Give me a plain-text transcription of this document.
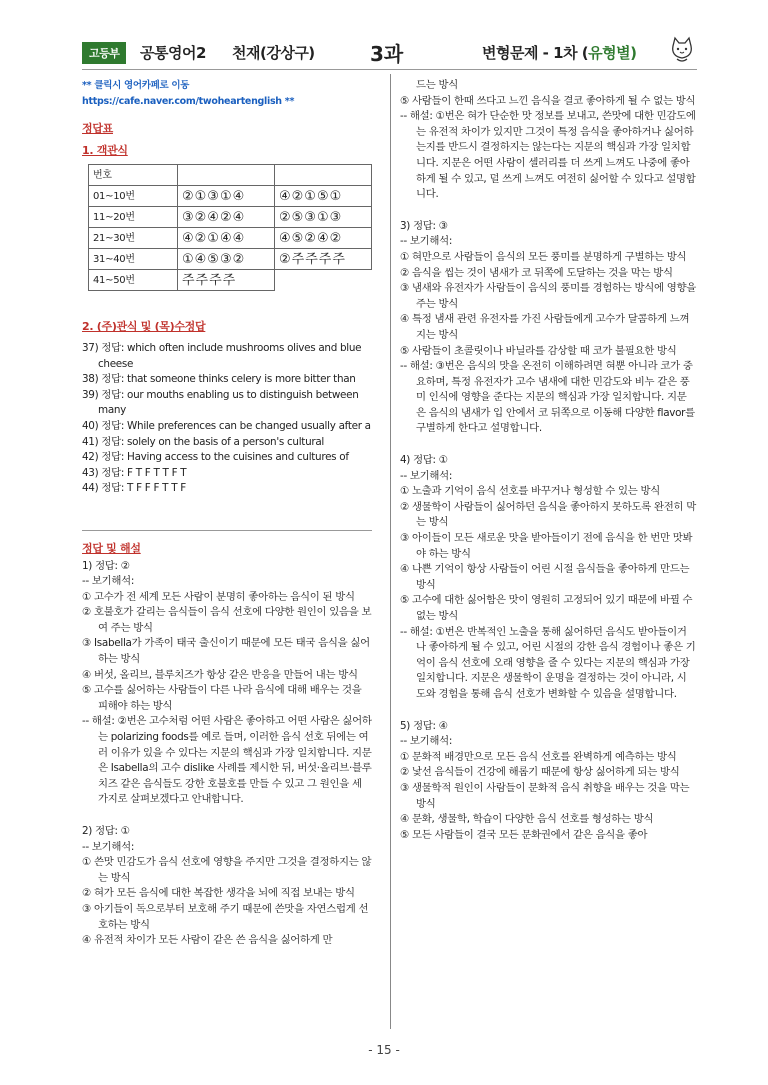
고등부	공통영어2 천재(강상구)	3과	변형문제 - 1차 (유형별)
** 클릭시 영어카페로 이동 https://cafe.naver.com/twoheartenglish **
정답표
1. 객관식
번호		
01~10번	②①③①④	④②①⑤①
11~20번	③②④②④	②⑤③①③
21~30번	④②①④④	④⑤②④②
31~40번	①④⑤③②	②주주주주
41~50번	주주주주	
2. (주)관식 및 (목)수정답
37) 정답: which often include mushrooms olives and blue cheese
38) 정답: that someone thinks celery is more bitter than
39) 정답: our mouths enabling us to distinguish between many
40) 정답: While preferences can be changed usually after a
41) 정답: solely on the basis of a person's cultural
42) 정답: Having access to the cuisines and cultures of
43) 정답: F T F T T F T
44) 정답: T F F F T T F
정답 및 해설
1) 정답: ②
-- 보기해석:
① 고수가 전 세계 모든 사람이 분명히 좋아하는 음식이 된 방식
② 호불호가 갈리는 음식들이 음식 선호에 다양한 원인이 있음을 보여 주는 방식
③ Isabella가 가족이 태국 출신이기 때문에 모든 태국 음식을 싫어하는 방식
④ 버섯, 올리브, 블루치즈가 항상 같은 반응을 만들어 내는 방식
⑤ 고수를 싫어하는 사람들이 다른 나라 음식에 대해 배우는 것을 피해야 하는 방식
-- 해설: ②번은 고수처럼 어떤 사람은 좋아하고 어떤 사람은 싫어하는 polarizing foods를 예로 들며, 이러한 음식 선호 뒤에는 여러 이유가 있을 수 있다는 지문의 핵심과 가장 일치합니다. 지문은 Isabella의 고수 dislike 사례를 제시한 뒤, 버섯·올리브·블루치즈 같은 음식들도 강한 호불호를 만들 수 있고 그 원인을 세 가지로 살펴보겠다고 안내합니다.
2) 정답: ①
-- 보기해석:
① 쓴맛 민감도가 음식 선호에 영향을 주지만 그것을 결정하지는 않는 방식
② 혀가 모든 음식에 대한 복잡한 생각을 뇌에 직접 보내는 방식
③ 아기들이 독으로부터 보호해 주기 때문에 쓴맛을 자연스럽게 선호하는 방식
④ 유전적 차이가 모든 사람이 같은 쓴 음식을 싫어하게 만
드는 방식
⑤ 사람들이 한때 쓰다고 느낀 음식을 결코 좋아하게 될 수 없는 방식
-- 해설: ①번은 혀가 단순한 맛 정보를 보내고, 쓴맛에 대한 민감도에는 유전적 차이가 있지만 그것이 특정 음식을 좋아하거나 싫어하는지를 반드시 결정하지는 않는다는 지문의 핵심과 가장 일치합니다. 지문은 어떤 사람이 셀러리를 더 쓰게 느껴도 나중에 좋아하게 될 수 있고, 덜 쓰게 느껴도 여전히 싫어할 수 있다고 설명합니다.
3) 정답: ③
-- 보기해석:
① 혀만으로 사람들이 음식의 모든 풍미를 분명하게 구별하는 방식
② 음식을 씹는 것이 냄새가 코 뒤쪽에 도달하는 것을 막는 방식
③ 냄새와 유전자가 사람들이 음식의 풍미를 경험하는 방식에 영향을 주는 방식
④ 특정 냄새 관련 유전자를 가진 사람들에게 고수가 달콤하게 느껴지는 방식
⑤ 사람들이 초콜릿이나 바닐라를 감상할 때 코가 불필요한 방식
-- 해설: ③번은 음식의 맛을 온전히 이해하려면 혀뿐 아니라 코가 중요하며, 특정 유전자가 고수 냄새에 대한 민감도와 비누 같은 풍미 인식에 영향을 준다는 지문의 핵심과 가장 일치합니다. 지문은 음식의 냄새가 입 안에서 코 뒤쪽으로 이동해 다양한 flavor를 구별하게 한다고 설명합니다.
4) 정답: ①
-- 보기해석:
① 노출과 기억이 음식 선호를 바꾸거나 형성할 수 있는 방식
② 생물학이 사람들이 싫어하던 음식을 좋아하지 못하도록 완전히 막는 방식
③ 아이들이 모든 새로운 맛을 받아들이기 전에 음식을 한 번만 맛봐야 하는 방식
④ 나쁜 기억이 항상 사람들이 어린 시절 음식들을 좋아하게 만드는 방식
⑤ 고수에 대한 싫어함은 맛이 영원히 고정되어 있기 때문에 바뀔 수 없는 방식
-- 해설: ①번은 반복적인 노출을 통해 싫어하던 음식도 받아들이거나 좋아하게 될 수 있고, 어린 시절의 강한 음식 경험이나 좋은 기억이 음식 선호에 오래 영향을 줄 수 있다는 지문의 핵심과 가장 일치합니다. 지문은 생물학이 운명을 결정하는 것이 아니라, 시도와 경험을 통해 음식 선호가 변화할 수 있음을 설명합니다.
5) 정답: ④
-- 보기해석:
① 문화적 배경만으로 모든 음식 선호를 완벽하게 예측하는 방식
② 낯선 음식들이 건강에 해롭기 때문에 항상 싫어하게 되는 방식
③ 생물학적 원인이 사람들이 문화적 음식 취향을 배우는 것을 막는 방식
④ 문화, 생물학, 학습이 다양한 음식 선호를 형성하는 방식
⑤ 모든 사람들이 결국 모든 문화권에서 같은 음식을 좋아
- 15 -
